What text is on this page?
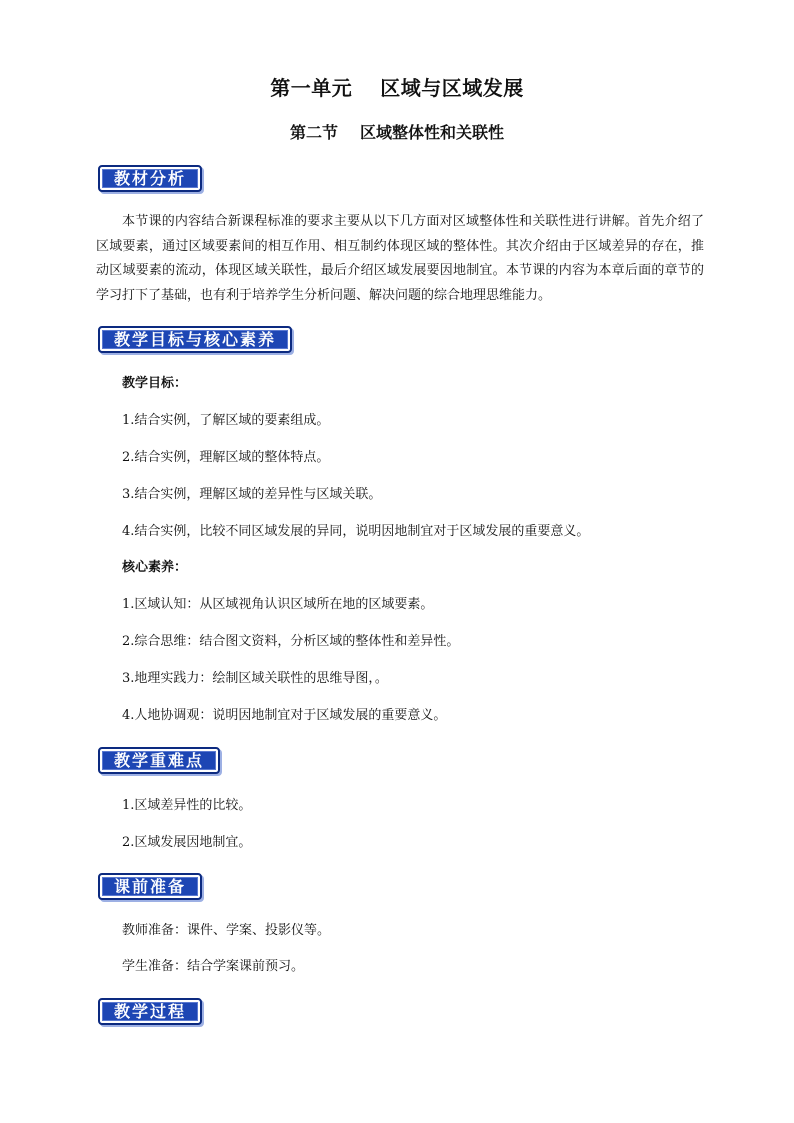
第一单元 区域与区域发展
第二节 区域整体性和关联性
教材分析
本节课的内容结合新课程标准的要求主要从以下几方面对区域整体性和关联性进行讲解。首先介绍了区域要素，通过区域要素间的相互作用、相互制约体现区域的整体性。其次介绍由于区域差异的存在，推动区域要素的流动，体现区域关联性，最后介绍区域发展要因地制宜。本节课的内容为本章后面的章节的学习打下了基础，也有利于培养学生分析问题、解决问题的综合地理思维能力。
教学目标与核心素养
教学目标：
1.结合实例，了解区域的要素组成。
2.结合实例，理解区域的整体特点。
3.结合实例，理解区域的差异性与区域关联。
4.结合实例，比较不同区域发展的异同，说明因地制宜对于区域发展的重要意义。
核心素养：
1.区域认知：从区域视角认识区域所在地的区域要素。
2.综合思维：结合图文资料，分析区域的整体性和差异性。
3.地理实践力：绘制区域关联性的思维导图，。
4.人地协调观：说明因地制宜对于区域发展的重要意义。
教学重难点
1.区域差异性的比较。
2.区域发展因地制宜。
课前准备
教师准备：课件、学案、投影仪等。
学生准备：结合学案课前预习。
教学过程
